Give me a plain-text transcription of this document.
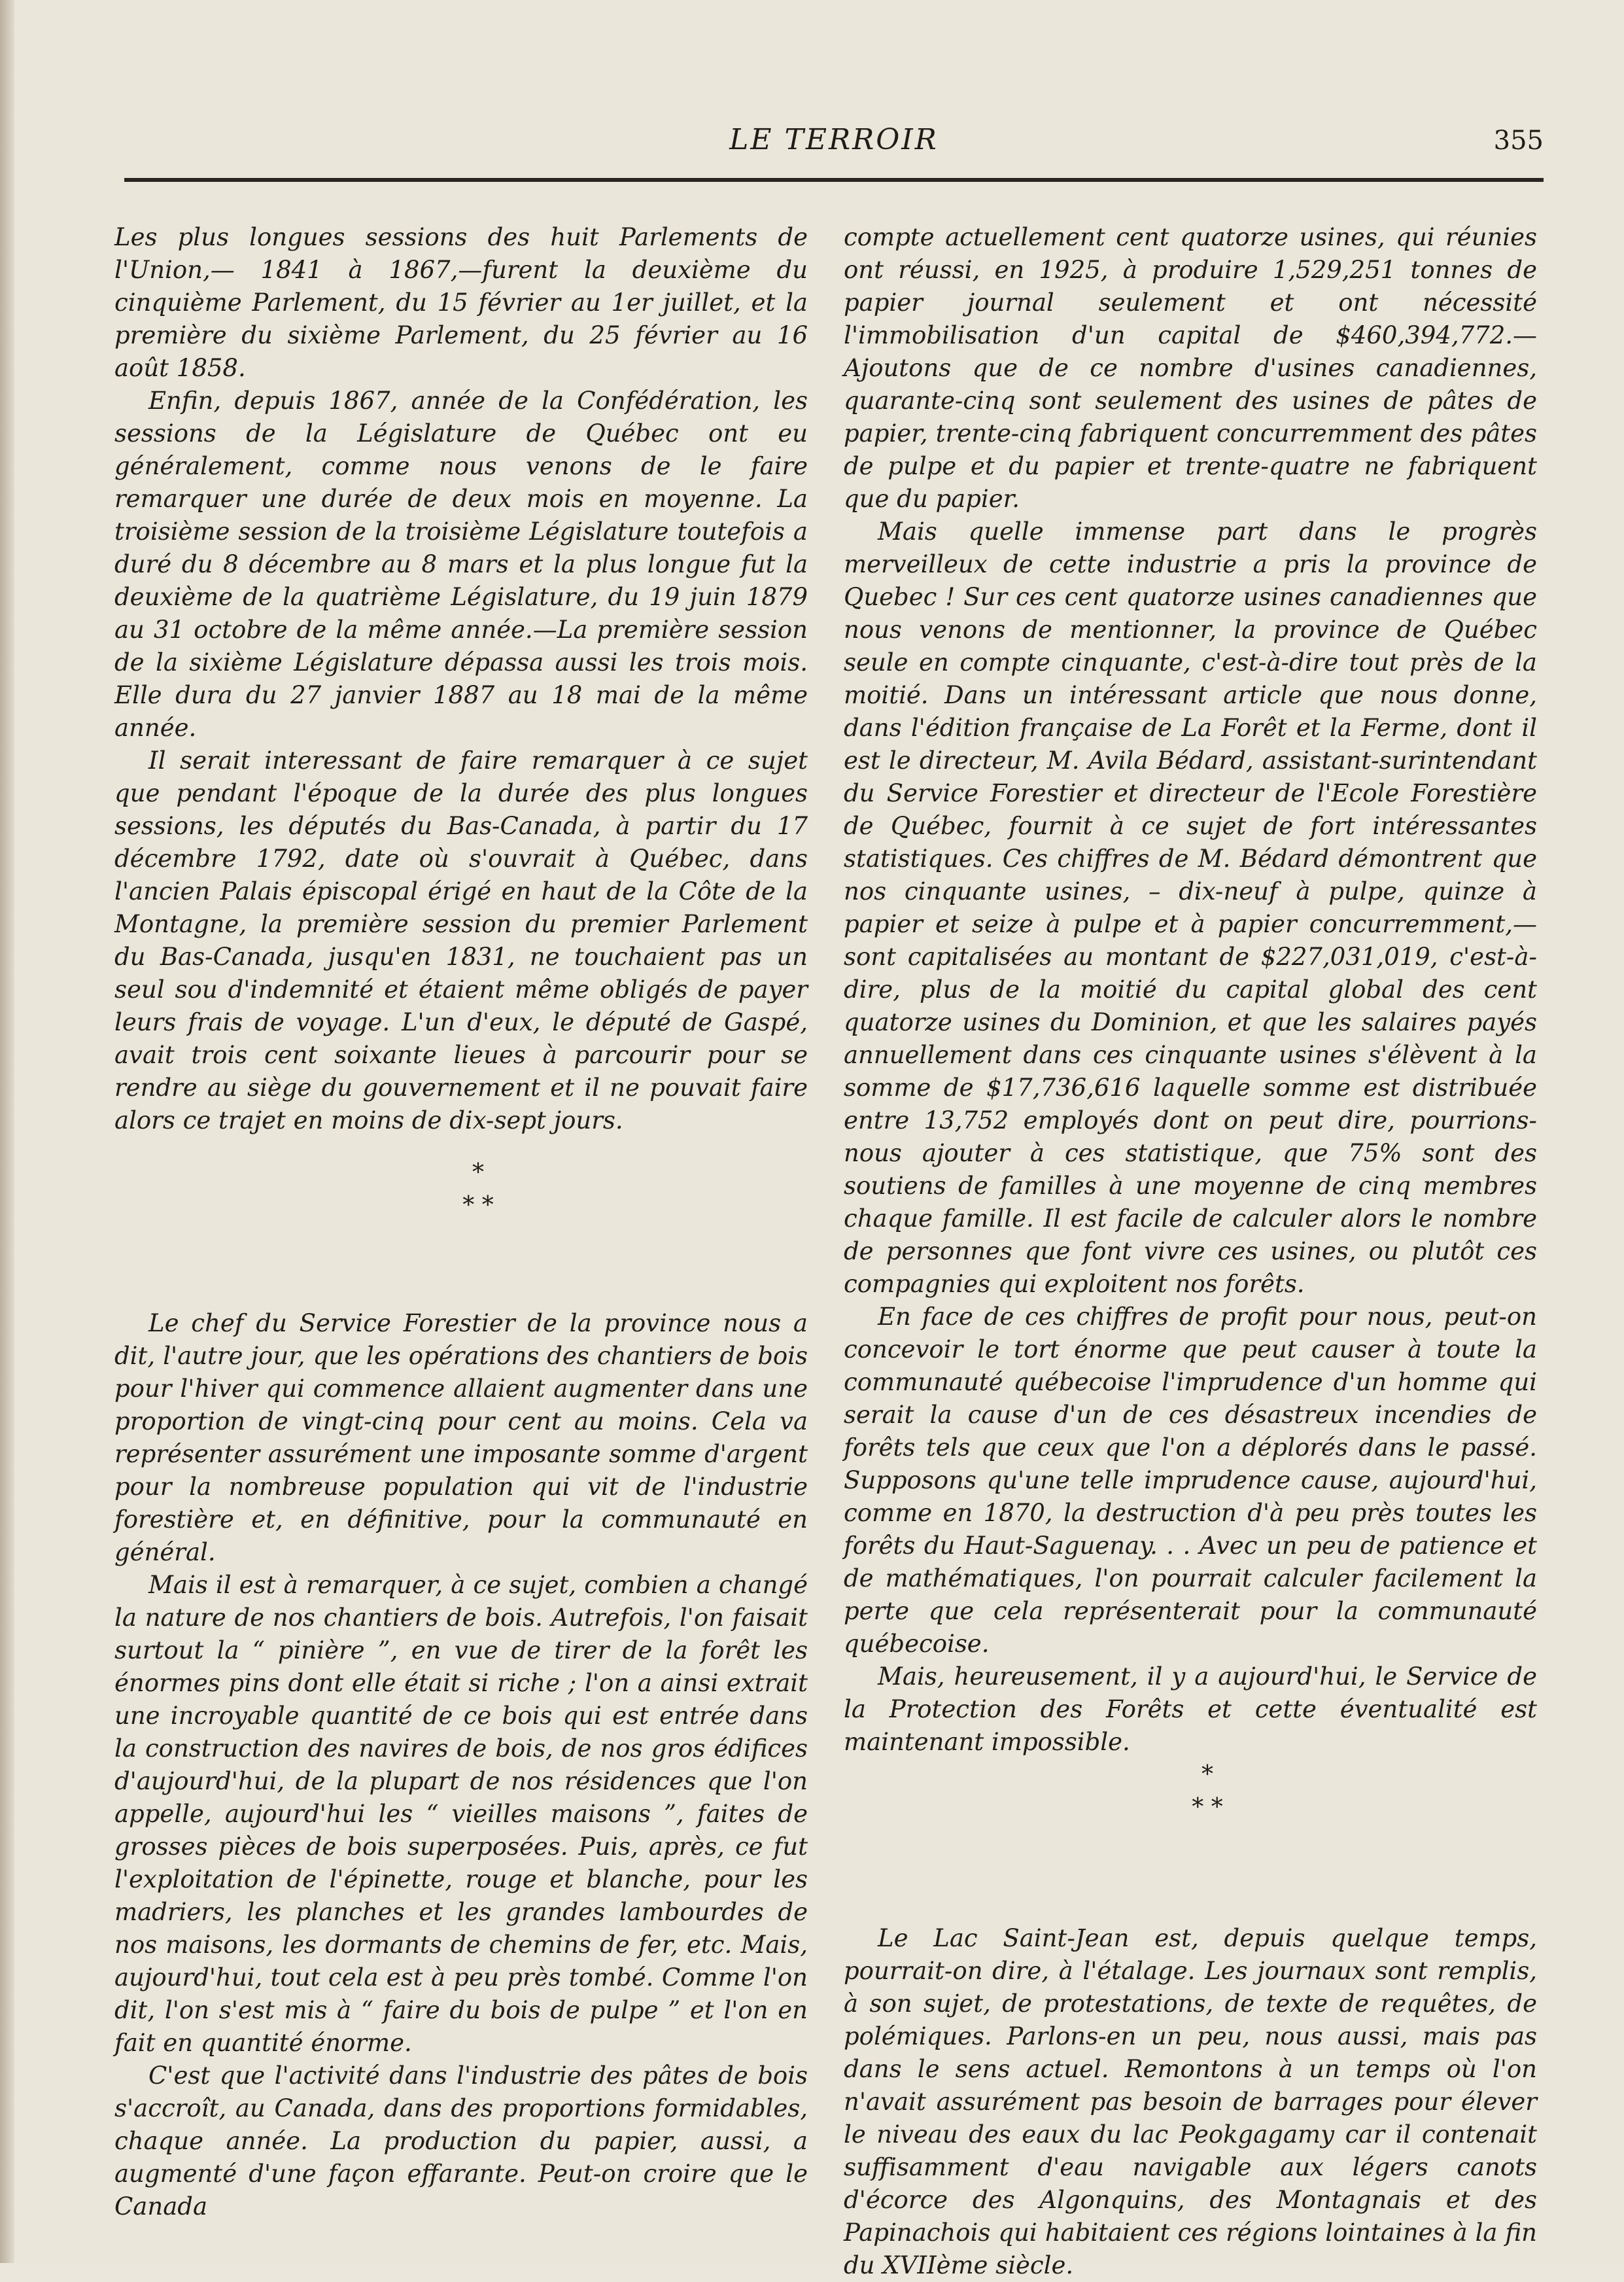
LE TERROIR	355

Les plus longues sessions des huit Parlements de l'Union,— 1841 à 1867,—furent la deuxième du cinquième Parlement, du 15 février au 1er juillet, et la première du sixième Parlement, du 25 février au 16 août 1858.

Enfin, depuis 1867, année de la Confédération, les sessions de la Législature de Québec ont eu généralement, comme nous venons de le faire remarquer une durée de deux mois en moyenne. La troisième session de la troisième Législature toutefois a duré du 8 décembre au 8 mars et la plus longue fut la deuxième de la quatrième Législature, du 19 juin 1879 au 31 octobre de la même année.—La première session de la sixième Législature dépassa aussi les trois mois. Elle dura du 27 janvier 1887 au 18 mai de la même année.

Il serait interessant de faire remarquer à ce sujet que pendant l'époque de la durée des plus longues sessions, les députés du Bas-Canada, à partir du 17 décembre 1792, date où s'ouvrait à Québec, dans l'ancien Palais épiscopal érigé en haut de la Côte de la Montagne, la première session du premier Parlement du Bas-Canada, jusqu'en 1831, ne touchaient pas un seul sou d'indemnité et étaient même obligés de payer leurs frais de voyage. L'un d'eux, le député de Gaspé, avait trois cent soixante lieues à parcourir pour se rendre au siège du gouvernement et il ne pouvait faire alors ce trajet en moins de dix-sept jours.

*

* *

Le chef du Service Forestier de la province nous a dit, l'autre jour, que les opérations des chantiers de bois pour l'hiver qui commence allaient augmenter dans une proportion de vingt-cinq pour cent au moins. Cela va représenter assurément une imposante somme d'argent pour la nombreuse population qui vit de l'industrie forestière et, en définitive, pour la communauté en général.

Mais il est à remarquer, à ce sujet, combien a changé la nature de nos chantiers de bois. Autrefois, l'on faisait surtout la “ pinière ”, en vue de tirer de la forêt les énormes pins dont elle était si riche ; l'on a ainsi extrait une incroyable quantité de ce bois qui est entrée dans la construction des navires de bois, de nos gros édifices d'aujourd'hui, de la plupart de nos résidences que l'on appelle, aujourd'hui les “ vieilles maisons ”, faites de grosses pièces de bois superposées. Puis, après, ce fut l'exploitation de l'épinette, rouge et blanche, pour les madriers, les planches et les grandes lambourdes de nos maisons, les dormants de chemins de fer, etc. Mais, aujourd'hui, tout cela est à peu près tombé. Comme l'on dit, l'on s'est mis à “ faire du bois de pulpe ” et l'on en fait en quantité énorme.

C'est que l'activité dans l'industrie des pâtes de bois s'accroît, au Canada, dans des proportions formidables, chaque année. La production du papier, aussi, a augmenté d'une façon effarante. Peut-on croire que le Canada

compte actuellement cent quatorze usines, qui réunies ont réussi, en 1925, à produire 1,529,251 tonnes de papier journal seulement et ont nécessité l'immobilisation d'un capital de $460,394,772.— Ajoutons que de ce nombre d'usines canadiennes, quarante-cinq sont seulement des usines de pâtes de papier, trente-cinq fabriquent concurremment des pâtes de pulpe et du papier et trente-quatre ne fabriquent que du papier.

Mais quelle immense part dans le progrès merveilleux de cette industrie a pris la province de Quebec ! Sur ces cent quatorze usines canadiennes que nous venons de mentionner, la province de Québec seule en compte cinquante, c'est-à-dire tout près de la moitié. Dans un intéressant article que nous donne, dans l'édition française de La Forêt et la Ferme, dont il est le directeur, M. Avila Bédard, assistant-surintendant du Service Forestier et directeur de l'Ecole Forestière de Québec, fournit à ce sujet de fort intéressantes statistiques. Ces chiffres de M. Bédard démontrent que nos cinquante usines, – dix-neuf à pulpe, quinze à papier et seize à pulpe et à papier concurremment,— sont capitalisées au montant de $227,031,019, c'est-à-dire, plus de la moitié du capital global des cent quatorze usines du Dominion, et que les salaires payés annuellement dans ces cinquante usines s'élèvent à la somme de $17,736,616 laquelle somme est distribuée entre 13,752 employés dont on peut dire, pourrions-nous ajouter à ces statistique, que 75% sont des soutiens de familles à une moyenne de cinq membres chaque famille. Il est facile de calculer alors le nombre de personnes que font vivre ces usines, ou plutôt ces compagnies qui exploitent nos forêts.

En face de ces chiffres de profit pour nous, peut-on concevoir le tort énorme que peut causer à toute la communauté québecoise l'imprudence d'un homme qui serait la cause d'un de ces désastreux incendies de forêts tels que ceux que l'on a déplorés dans le passé. Supposons qu'une telle imprudence cause, aujourd'hui, comme en 1870, la destruction d'à peu près toutes les forêts du Haut-Saguenay. . . Avec un peu de patience et de mathématiques, l'on pourrait calculer facilement la perte que cela représenterait pour la communauté québecoise.

Mais, heureusement, il y a aujourd'hui, le Service de la Protection des Forêts et cette éventualité est maintenant impossible.

*

* *

Le Lac Saint-Jean est, depuis quelque temps, pourrait-on dire, à l'étalage. Les journaux sont remplis, à son sujet, de protestations, de texte de requêtes, de polémiques. Parlons-en un peu, nous aussi, mais pas dans le sens actuel. Remontons à un temps où l'on n'avait assurément pas besoin de barrages pour élever le niveau des eaux du lac Peokgagamy car il contenait suffisamment d'eau navigable aux légers canots d'écorce des Algonquins, des Montagnais et des Papinachois qui habitaient ces régions lointaines à la fin du XVIIème siècle.
